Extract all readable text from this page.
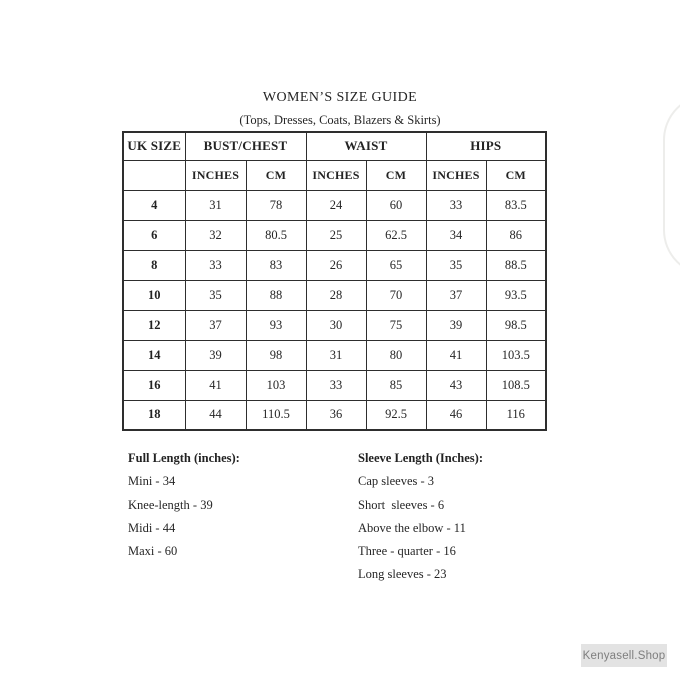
WOMEN’S SIZE GUIDE
(Tops, Dresses, Coats, Blazers & Skirts)
UK SIZE	BUST/CHEST		WAIST		HIPS	
	INCHES	CM	INCHES	CM	INCHES	CM
4	31	78	24	60	33	83.5
6	32	80.5	25	62.5	34	86
8	33	83	26	65	35	88.5
10	35	88	28	70	37	93.5
12	37	93	30	75	39	98.5
14	39	98	31	80	41	103.5
16	41	103	33	85	43	108.5
18	44	110.5	36	92.5	46	116
Full Length (inches):
Mini - 34
Knee-length - 39
Midi - 44
Maxi - 60
Sleeve Length (Inches):
Cap sleeves - 3
Short  sleeves - 6
Above the elbow - 11
Three - quarter - 16
Long sleeves - 23
Kenyasell.Shop
